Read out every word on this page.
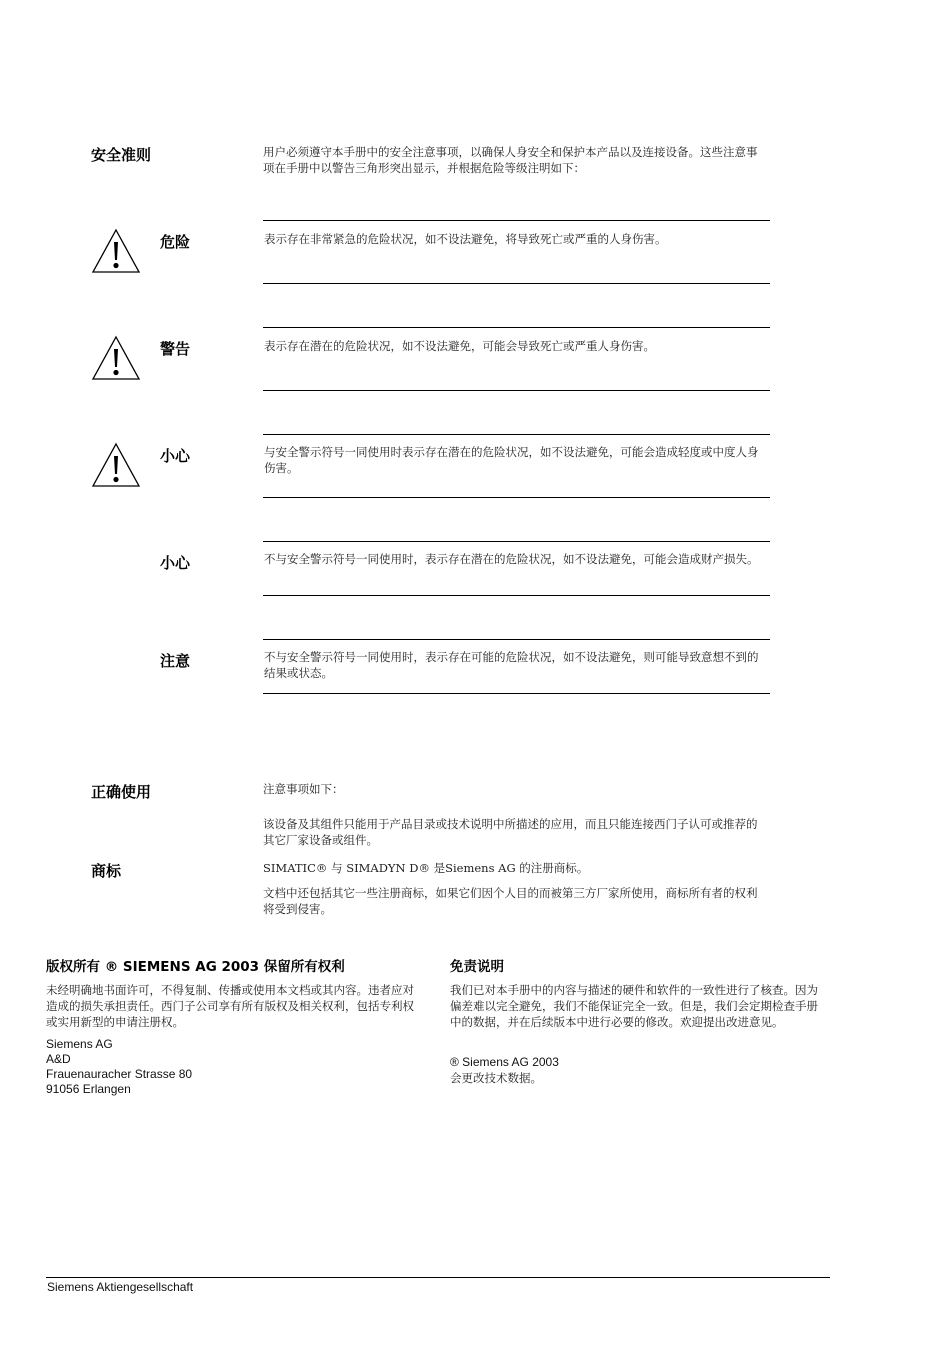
安全准则	用户必须遵守本手册中的安全注意事项，以确保人身安全和保护本产品以及连接设备。这些注意事项在手册中以警告三角形突出显示，并根据危险等级注明如下：
危险	表示存在非常紧急的危险状况，如不设法避免，将导致死亡或严重的人身伤害。
警告	表示存在潜在的危险状况，如不设法避免，可能会导致死亡或严重人身伤害。
小心	与安全警示符号一同使用时表示存在潜在的危险状况，如不设法避免，可能会造成轻度或中度人身伤害。
小心	不与安全警示符号一同使用时，表示存在潜在的危险状况，如不设法避免，可能会造成财产损失。
注意	不与安全警示符号一同使用时，表示存在可能的危险状况，如不设法避免，则可能导致意想不到的结果或状态。
正确使用	注意事项如下：
该设备及其组件只能用于产品目录或技术说明中所描述的应用，而且只能连接西门子认可或推荐的其它厂家设备或组件。
商标	SIMATIC® 与 SIMADYN D® 是Siemens AG 的注册商标。
文档中还包括其它一些注册商标，如果它们因个人目的而被第三方厂家所使用，商标所有者的权利将受到侵害。
版权所有 ® SIEMENS AG 2003 保留所有权利
未经明确地书面许可，不得复制、传播或使用本文档或其内容。违者应对造成的损失承担责任。西门子公司享有所有版权及相关权利，包括专利权或实用新型的申请注册权。
Siemens AG
A&D
Frauenauracher Strasse 80
91056 Erlangen
免责说明
我们已对本手册中的内容与描述的硬件和软件的一致性进行了核查。因为偏差难以完全避免，我们不能保证完全一致。但是，我们会定期检查手册中的数据，并在后续版本中进行必要的修改。欢迎提出改进意见。
® Siemens AG 2003
会更改技术数据。
Siemens Aktiengesellschaft
